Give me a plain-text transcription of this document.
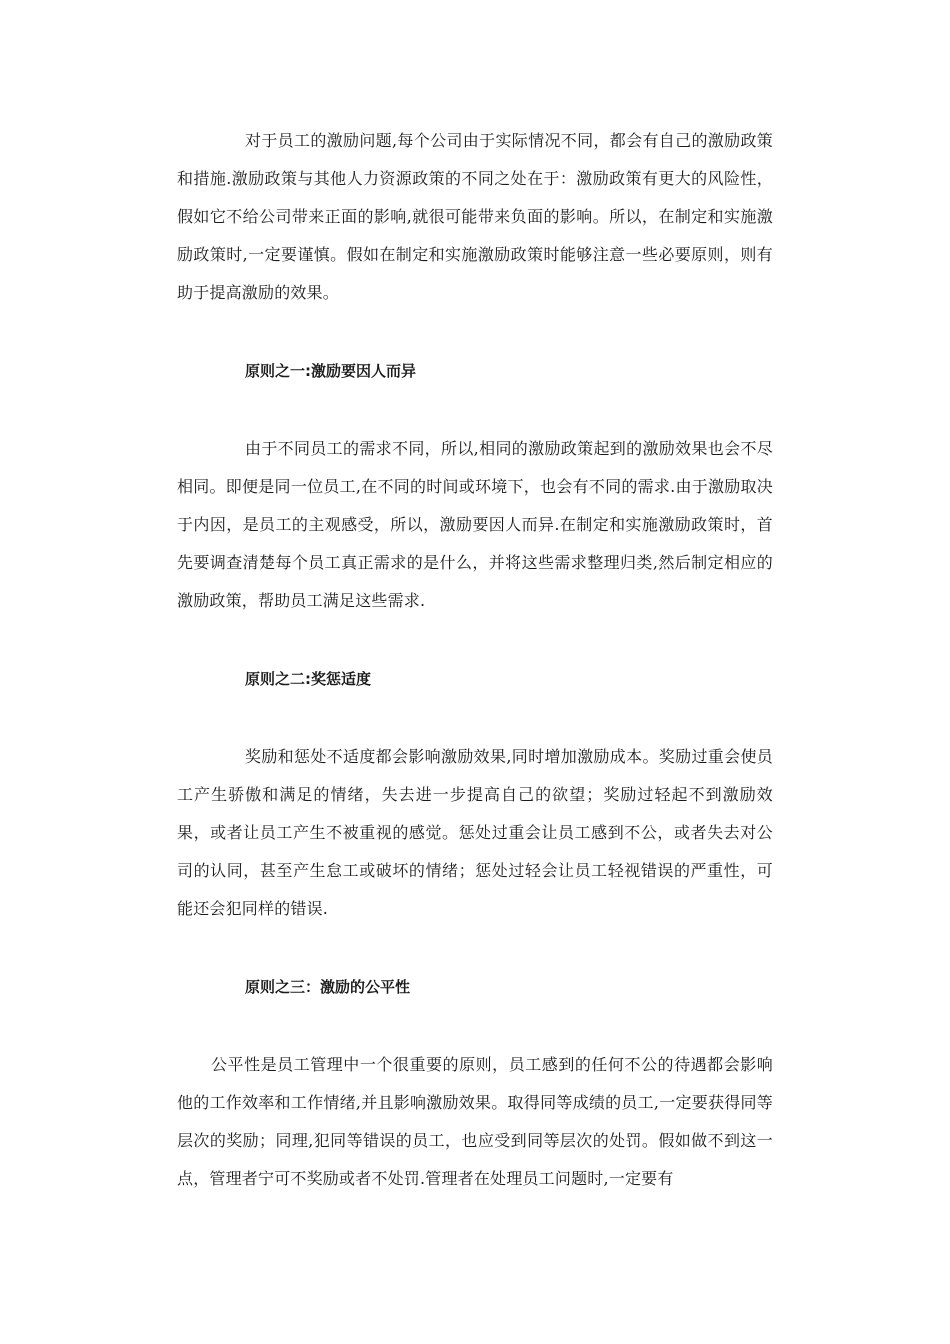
对于员工的激励问题,每个公司由于实际情况不同，都会有自己的激励政策和措施.激励政策与其他人力资源政策的不同之处在于：激励政策有更大的风险性，假如它不给公司带来正面的影响,就很可能带来负面的影响。所以，在制定和实施激励政策时,一定要谨慎。假如在制定和实施激励政策时能够注意一些必要原则，则有助于提高激励的效果。

原则之一:激励要因人而异

由于不同员工的需求不同，所以,相同的激励政策起到的激励效果也会不尽相同。即便是同一位员工,在不同的时间或环境下，也会有不同的需求.由于激励取决于内因，是员工的主观感受，所以，激励要因人而异.在制定和实施激励政策时，首先要调查清楚每个员工真正需求的是什么，并将这些需求整理归类,然后制定相应的激励政策，帮助员工满足这些需求.

原则之二:奖惩适度

奖励和惩处不适度都会影响激励效果,同时增加激励成本。奖励过重会使员工产生骄傲和满足的情绪，失去进一步提高自己的欲望；奖励过轻起不到激励效果，或者让员工产生不被重视的感觉。惩处过重会让员工感到不公，或者失去对公司的认同，甚至产生怠工或破坏的情绪；惩处过轻会让员工轻视错误的严重性，可能还会犯同样的错误.

原则之三：激励的公平性

公平性是员工管理中一个很重要的原则，员工感到的任何不公的待遇都会影响他的工作效率和工作情绪,并且影响激励效果。取得同等成绩的员工,一定要获得同等层次的奖励；同理,犯同等错误的员工，也应受到同等层次的处罚。假如做不到这一点，管理者宁可不奖励或者不处罚.管理者在处理员工问题时,一定要有
